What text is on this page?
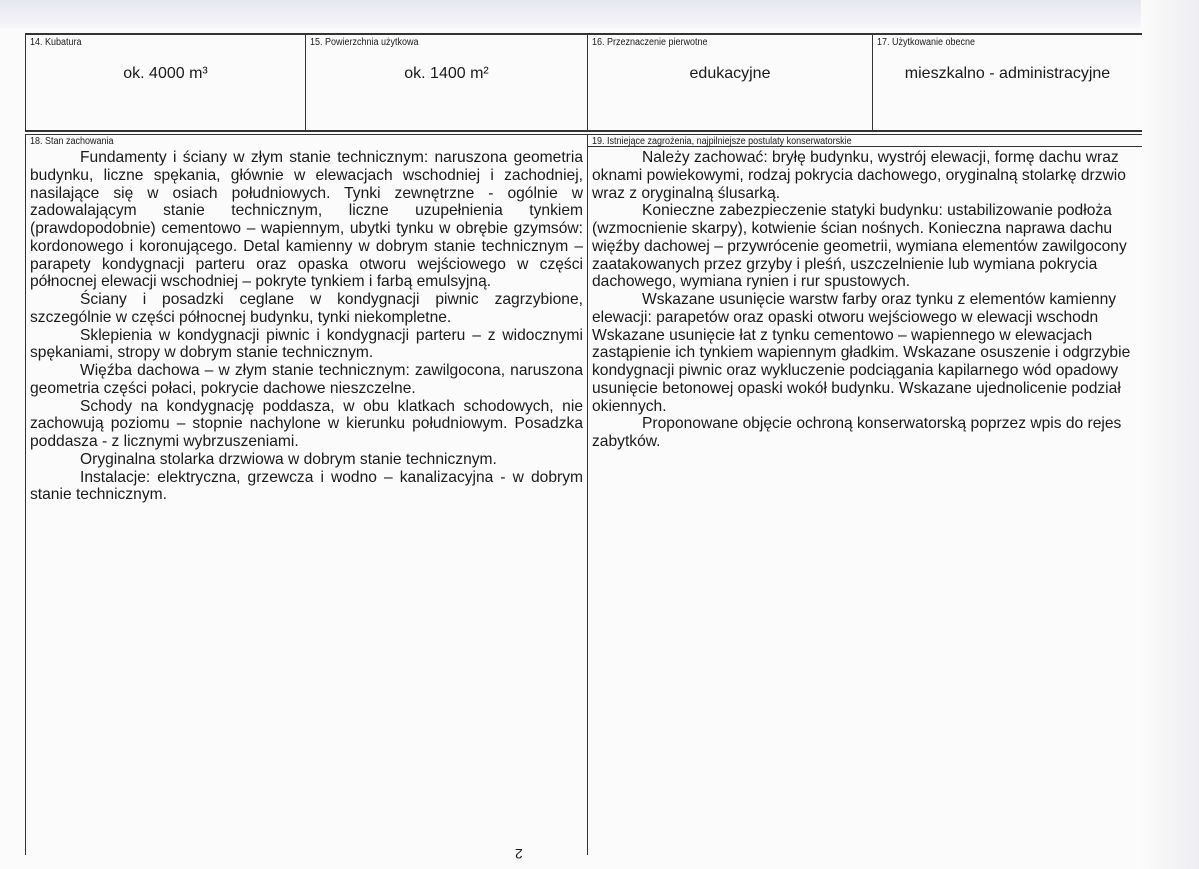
14. Kubatura
ok. 4000 m³
15. Powierzchnia użytkowa
ok. 1400 m²
16. Przeznaczenie pierwotne
edukacyjne
17. Użytkowanie obecne
mieszkalno - administracyjne
18. Stan zachowania
Fundamenty i ściany w złym stanie technicznym: naruszona geometria
budynku, liczne spękania, głównie w elewacjach wschodniej i zachodniej,
nasilające się w osiach południowych. Tynki zewnętrzne - ogólnie w
zadowalającym stanie technicznym, liczne uzupełnienia tynkiem
(prawdopodobnie) cementowo – wapiennym, ubytki tynku w obrębie gzymsów:
kordonowego i koronującego. Detal kamienny w dobrym stanie technicznym –
parapety kondygnacji parteru oraz opaska otworu wejściowego w części
północnej elewacji wschodniej – pokryte tynkiem i farbą emulsyjną.
Ściany i posadzki ceglane w kondygnacji piwnic zagrzybione,
szczególnie w części północnej budynku, tynki niekompletne.
Sklepienia w kondygnacji piwnic i kondygnacji parteru – z widocznymi
spękaniami, stropy w dobrym stanie technicznym.
Więźba dachowa – w złym stanie technicznym: zawilgocona, naruszona
geometria części połaci, pokrycie dachowe nieszczelne.
Schody na kondygnację poddasza, w obu klatkach schodowych, nie
zachowują poziomu – stopnie nachylone w kierunku południowym. Posadzka
poddasza - z licznymi wybrzuszeniami.
Oryginalna stolarka drzwiowa w dobrym stanie technicznym.
Instalacje: elektryczna, grzewcza i wodno – kanalizacyjna - w dobrym
stanie technicznym.
19. Istniejące zagrożenia, najpilniejsze postulaty konserwatorskie
Należy zachować: bryłę budynku, wystrój elewacji, formę dachu wraz
oknami powiekowymi, rodzaj pokrycia dachowego, oryginalną stolarkę drzwio
wraz z oryginalną ślusarką.
Konieczne zabezpieczenie statyki budynku: ustabilizowanie podłoża
(wzmocnienie skarpy), kotwienie ścian nośnych. Konieczna naprawa dachu
więźby dachowej – przywrócenie geometrii, wymiana elementów zawilgocony
zaatakowanych przez grzyby i pleśń, uszczelnienie lub wymiana pokrycia
dachowego, wymiana rynien i rur spustowych.
Wskazane usunięcie warstw farby oraz tynku z elementów kamienny
elewacji: parapetów oraz opaski otworu wejściowego w elewacji wschodn
Wskazane usunięcie łat z tynku cementowo – wapiennego w elewacjach
zastąpienie ich tynkiem wapiennym gładkim. Wskazane osuszenie i odgrzybie
kondygnacji piwnic oraz wykluczenie podciągania kapilarnego wód opadowy
usunięcie betonowej opaski wokół budynku. Wskazane ujednolicenie podział
okiennych.
Proponowane objęcie ochroną konserwatorską poprzez wpis do rejes
zabytków.
2
